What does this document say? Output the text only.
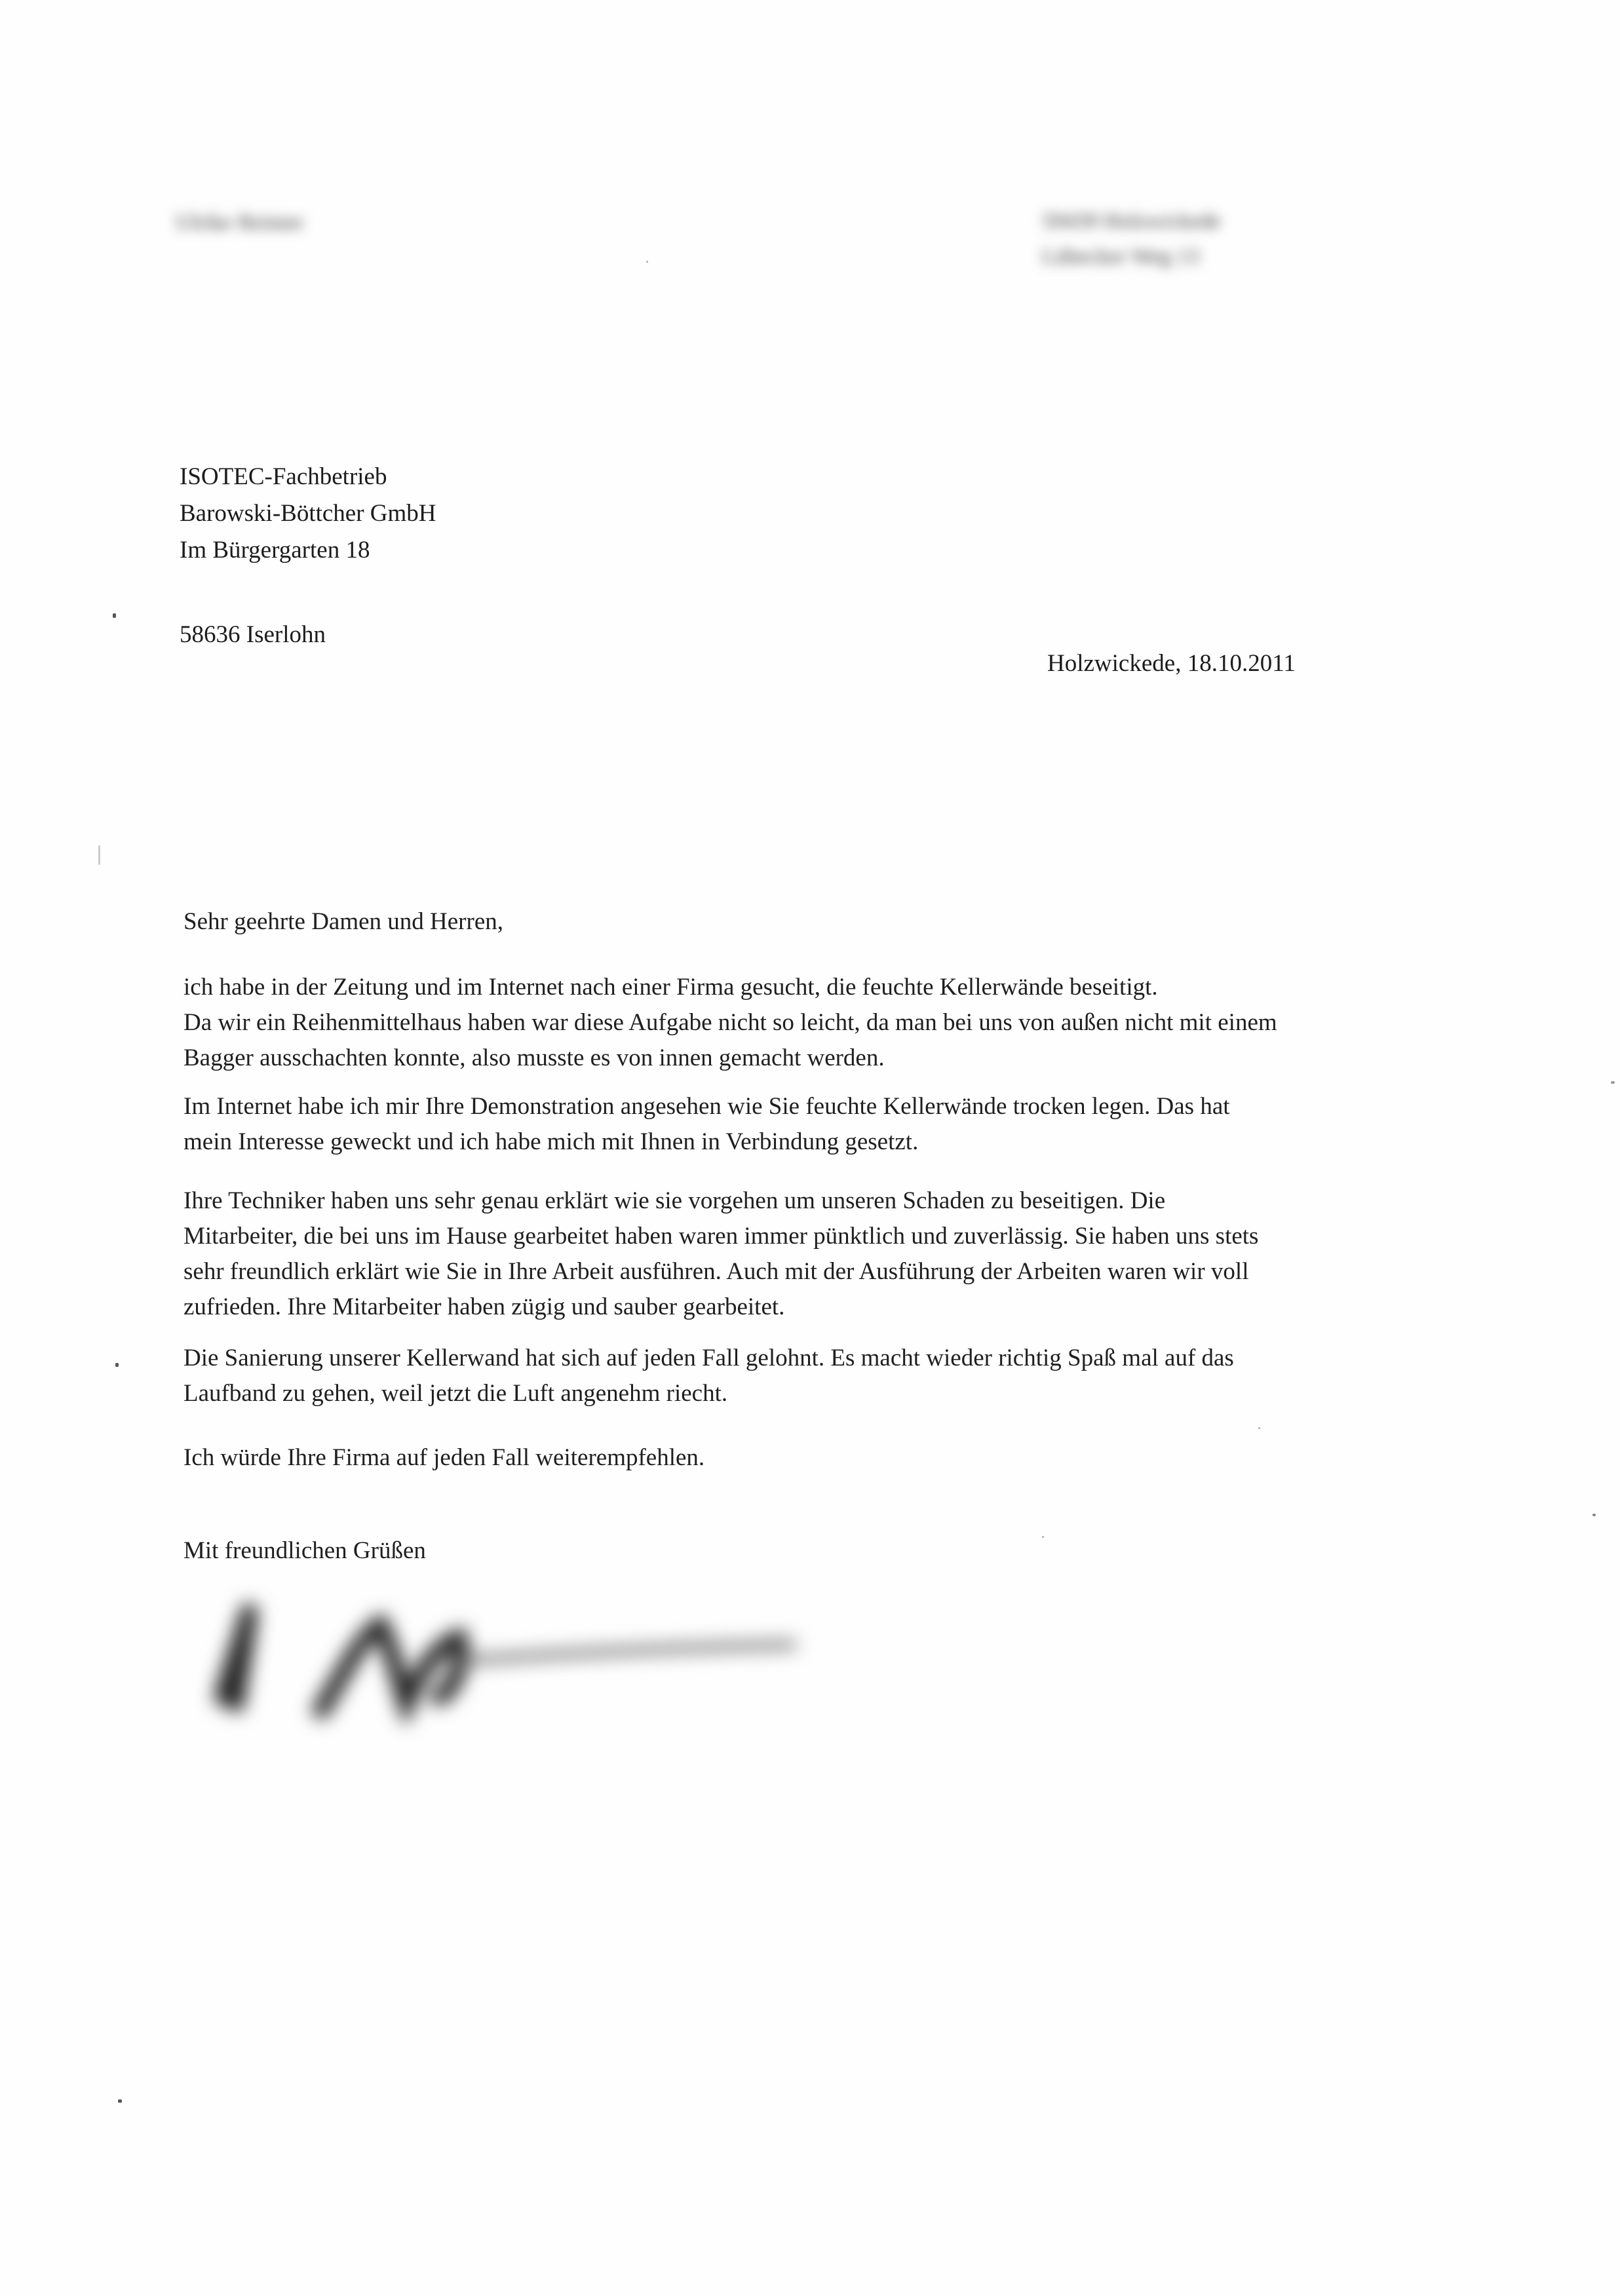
Ulrike Reimer	59439 Holzwickede
Lübecker Weg 13
ISOTEC-Fachbetrieb
Barowski-Böttcher GmbH
Im Bürgergarten 18
58636 Iserlohn
Holzwickede, 18.10.2011
Sehr geehrte Damen und Herren,
ich habe in der Zeitung und im Internet nach einer Firma gesucht, die feuchte Kellerwände beseitigt.
Da wir ein Reihenmittelhaus haben war diese Aufgabe nicht so leicht, da man bei uns von außen nicht mit einem
Bagger ausschachten konnte, also musste es von innen gemacht werden.
Im Internet habe ich mir Ihre Demonstration angesehen wie Sie feuchte Kellerwände trocken legen. Das hat
mein Interesse geweckt und ich habe mich mit Ihnen in Verbindung gesetzt.
Ihre Techniker haben uns sehr genau erklärt wie sie vorgehen um unseren Schaden zu beseitigen. Die
Mitarbeiter, die bei uns im Hause gearbeitet haben waren immer pünktlich und zuverlässig. Sie haben uns stets
sehr freundlich erklärt wie Sie in Ihre Arbeit ausführen. Auch mit der Ausführung der Arbeiten waren wir voll
zufrieden. Ihre Mitarbeiter haben zügig und sauber gearbeitet.
Die Sanierung unserer Kellerwand hat sich auf jeden Fall gelohnt. Es macht wieder richtig Spaß mal auf das
Laufband zu gehen, weil jetzt die Luft angenehm riecht.
Ich würde Ihre Firma auf jeden Fall weiterempfehlen.
Mit freundlichen Grüßen
